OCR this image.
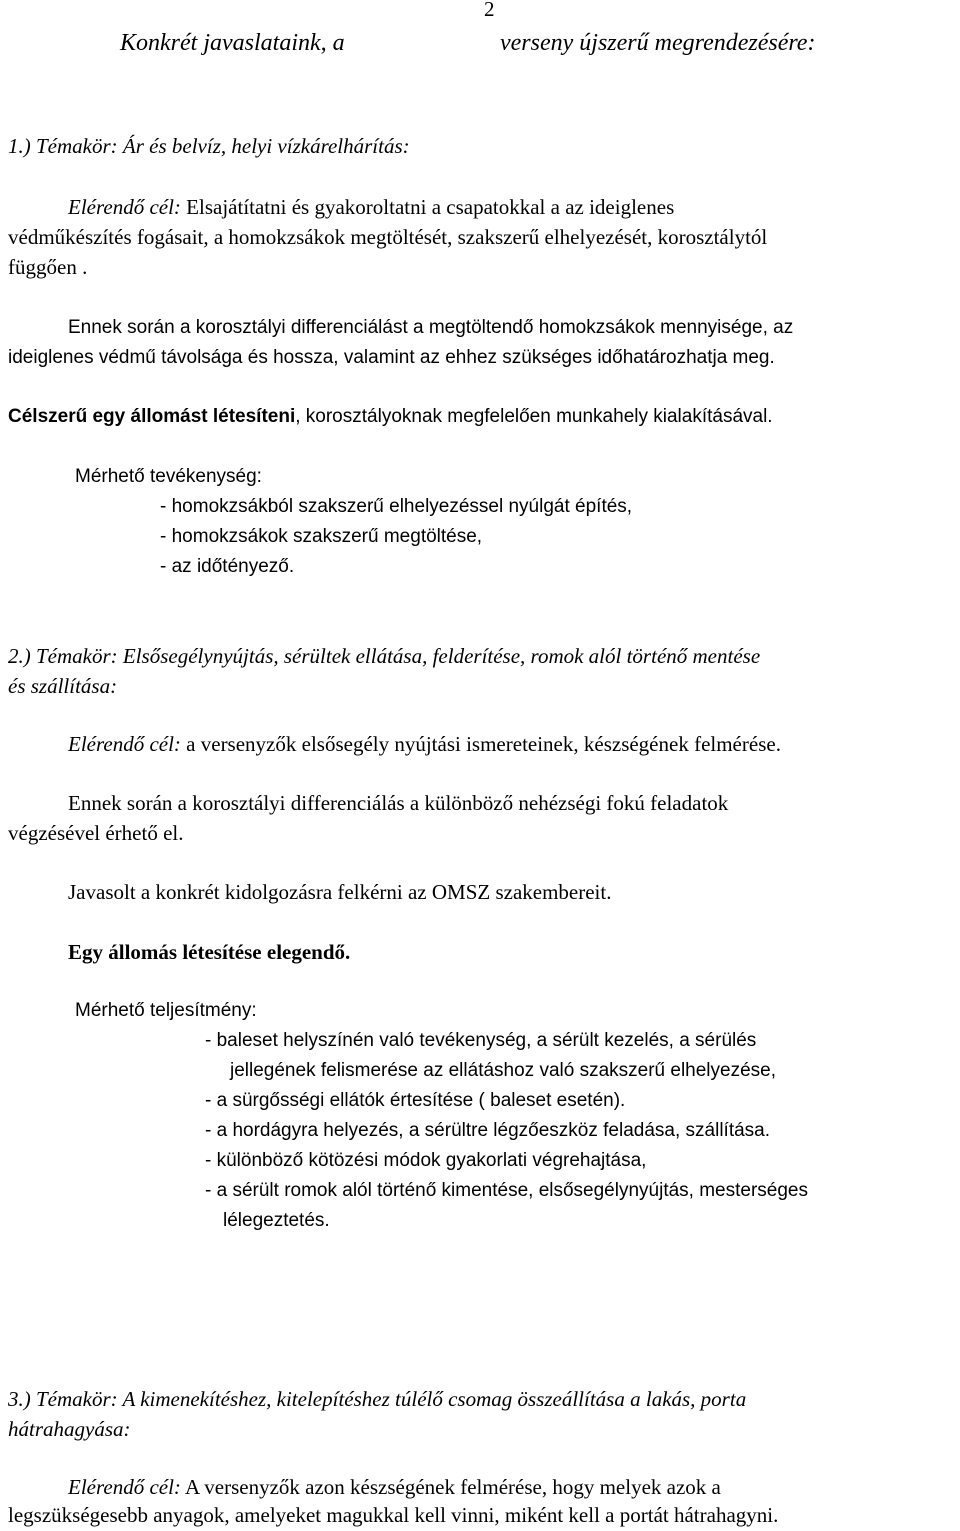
2
Konkrét javaslataink, a	verseny újszerű megrendezésére:
1.) Témakör: Ár és belvíz, helyi vízkárelhárítás:
Elérendő cél: Elsajátítatni és gyakoroltatni a csapatokkal a az ideiglenes
védműkészítés fogásait, a homokzsákok megtöltését, szakszerű elhelyezését, korosztálytól
függően .
Ennek során a korosztályi differenciálást a megtöltendő homokzsákok mennyisége, az
ideiglenes védmű távolsága és hossza, valamint az ehhez szükséges időhatározhatja meg.
Célszerű egy állomást létesíteni, korosztályoknak megfelelően munkahely kialakításával.
Mérhető tevékenység:
- homokzsákból szakszerű elhelyezéssel nyúlgát építés,
- homokzsákok szakszerű megtöltése,
- az időtényező.
2.) Témakör: Elsősegélynyújtás, sérültek ellátása, felderítése, romok alól történő mentése
és szállítása:
Elérendő cél: a versenyzők elsősegély nyújtási ismereteinek, készségének felmérése.
Ennek során a korosztályi differenciálás a különböző nehézségi fokú feladatok
végzésével érhető el.
Javasolt a konkrét kidolgozásra felkérni az OMSZ szakembereit.
Egy állomás létesítése elegendő.
Mérhető teljesítmény:
- baleset helyszínén való tevékenység, a sérült kezelés, a sérülés
jellegének felismerése az ellátáshoz való szakszerű elhelyezése,
- a sürgősségi ellátók értesítése ( baleset esetén).
- a hordágyra helyezés, a sérültre légzőeszköz feladása, szállítása.
- különböző kötözési módok gyakorlati végrehajtása,
- a sérült romok alól történő kimentése, elsősegélynyújtás, mesterséges
lélegeztetés.
3.) Témakör: A kimenekítéshez, kitelepítéshez túlélő csomag összeállítása a lakás, porta
hátrahagyása:
Elérendő cél: A versenyzők azon készségének felmérése, hogy melyek azok a
legszükségesebb anyagok, amelyeket magukkal kell vinni, miként kell a portát hátrahagyni.
